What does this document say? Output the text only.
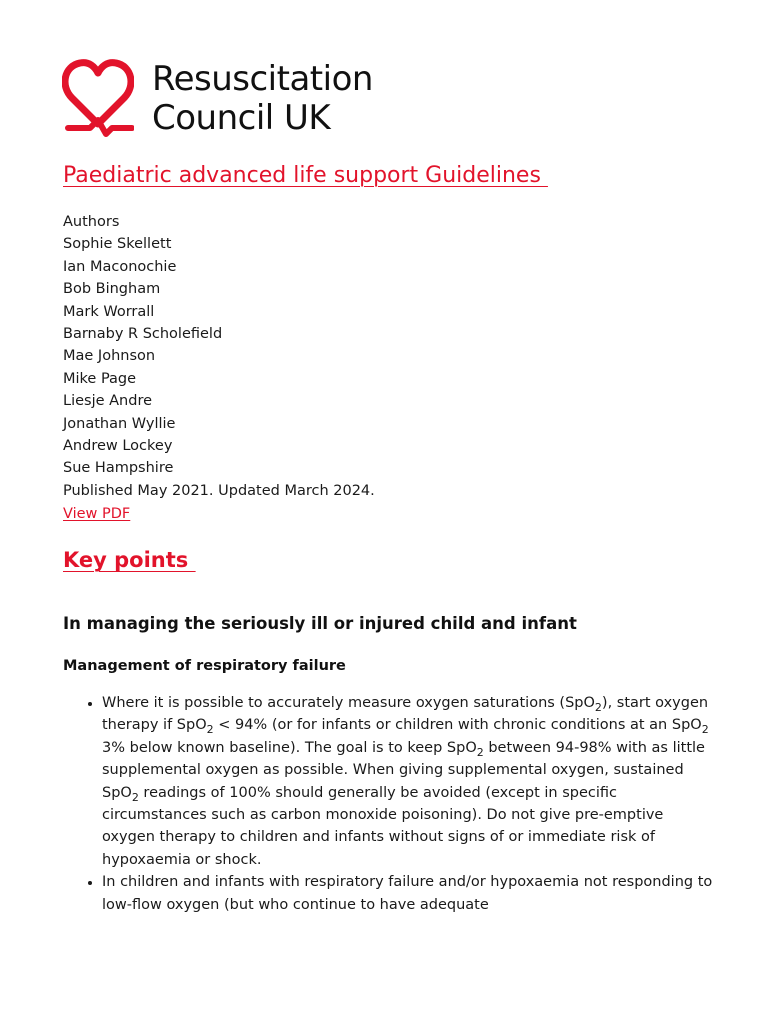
Resuscitation
Council UK
Paediatric advanced life support Guidelines
Authors
Sophie Skellett
Ian Maconochie
Bob Bingham
Mark Worrall
Barnaby R Scholefield
Mae Johnson
Mike Page
Liesje Andre
Jonathan Wyllie
Andrew Lockey
Sue Hampshire
Published May 2021. Updated March 2024.
View PDF
Key points
In managing the seriously ill or injured child and infant
Management of respiratory failure
• Where it is possible to accurately measure oxygen saturations (SpO$_2$), start oxygen therapy if SpO$_2$ < 94% (or for infants or children with chronic conditions at an SpO$_2$ 3% below known baseline). The goal is to keep SpO$_2$ between 94-98% with as little supplemental oxygen as possible. When giving supplemental oxygen, sustained SpO$_2$ readings of 100% should generally be avoided (except in specific circumstances such as carbon monoxide poisoning). Do not give pre-emptive oxygen therapy to children and infants without signs of or immediate risk of hypoxaemia or shock.
• In children and infants with respiratory failure and/or hypoxaemia not responding to low-flow oxygen (but who continue to have adequate
